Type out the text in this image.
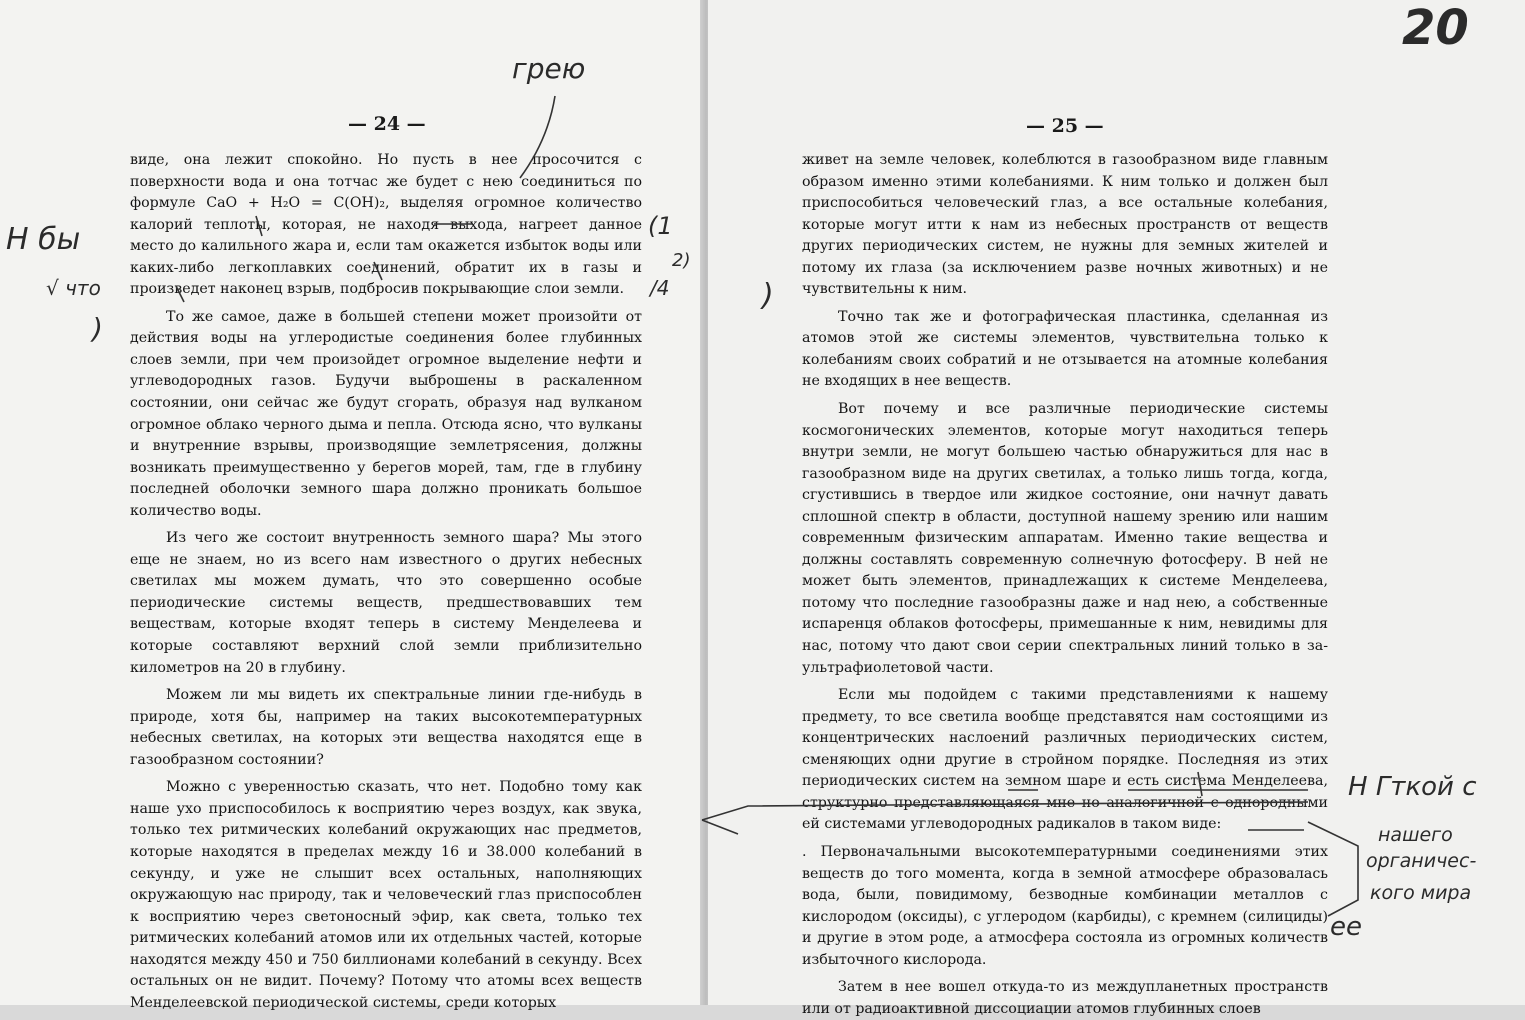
— 24 —

виде, она лежит спокойно. Но пусть в нее просочится с поверхности вода и она тотчас же будет с нею соединиться по формуле CaO + H₂O = C(OH)₂, выделяя огромное количество калорий теплоты, которая, не находя выхода, нагреет данное место до калильного жара и, если там окажется избыток воды или каких-либо легкоплавких соединений, обратит их в газы и произведет наконец взрыв, подбросив покрывающие слои земли.

То же самое, даже в большей степени может произойти от действия воды на углеродистые соединения более глубинных слоев земли, при чем произойдет огромное выделение нефти и углеводородных газов. Будучи выброшены в раскаленном состоянии, они сейчас же будут сгорать, образуя над вулканом огромное облако черного дыма и пепла. Отсюда ясно, что вулканы и внутренние взрывы, производящие землетрясения, должны возникать преимущественно у берегов морей, там, где в глубину последней оболочки земного шара должно проникать большое количество воды.

Из чего же состоит внутренность земного шара? Мы этого еще не знаем, но из всего нам известного о других небесных светилах мы можем думать, что это совершенно особые периодические системы веществ, предшествовавших тем веществам, которые входят теперь в систему Менделеева и которые составляют верхний слой земли приблизительно километров на 20 в глубину.

Можем ли мы видеть их спектральные линии где-нибудь в природе, хотя бы, например на таких высокотемпературных небесных светилах, на которых эти вещества находятся еще в газообразном состоянии?

Можно с уверенностью сказать, что нет. Подобно тому как наше ухо приспособилось к восприятию через воздух, как звука, только тех ритмических колебаний окружающих нас предметов, которые находятся в пределах между 16 и 38.000 колебаний в секунду, и уже не слышит всех остальных, наполняющих окружающую нас природу, так и человеческий глаз приспособлен к восприятию через светоносный эфир, как света, только тех ритмических колебаний атомов или их отдельных частей, которые находятся между 450 и 750 биллионами колебаний в секунду. Всех остальных он не видит. Почему? Потому что атомы всех веществ Менделеевской периодической системы, среди которых

грею
Н бы
√ что
)
(1
2)
/4
— 25 —
20

живет на земле человек, колеблются в газообразном виде главным образом именно этими колебаниями. К ним только и должен был приспособиться человеческий глаз, а все остальные колебания, которые могут итти к нам из небесных пространств от веществ других периодических систем, не нужны для земных жителей и потому их глаза (за исключением разве ночных животных) и не чувствительны к ним.

Точно так же и фотографическая пластинка, сделанная из атомов этой же системы элементов, чувствительна только к колебаниям своих собратий и не отзывается на атомные колебания не входящих в нее веществ.

Вот почему и все различные периодические системы космогонических элементов, которые могут находиться теперь внутри земли, не могут большею частью обнаружиться для нас в газообразном виде на других светилах, а только лишь тогда, когда, сгустившись в твердое или жидкое состояние, они начнут давать сплошной спектр в области, доступной нашему зрению или нашим современным физическим аппаратам. Именно такие вещества и должны составлять современную солнечную фотосферу. В ней не может быть элементов, принадлежащих к системе Менделеева, потому что последние газообразны даже и над нею, а собственные испаренця облаков фотосферы, примешанные к ним, невидимы для нас, потому что дают свои серии спектральных линий только в за-ультрафиолетовой части.

Если мы подойдем с такими представлениями к нашему предмету, то все светила вообще представятся нам состоящими из концентрических наслоений различных периодических систем, сменяющих одни другие в стройном порядке. Последняя из этих периодических систем на земном шаре и есть система Менделеева, структурно представляющаяся мне но аналогичной с однородными ей системами углеводородных радикалов в таком виде:

. Первоначальными высокотемпературными соединениями этих веществ до того момента, когда в земной атмосфере образовалась вода, были, повидимому, безводные комбинации металлов с кислородом (оксиды), с углеродом (карбиды), с кремнем (силициды) и другие в этом роде, а атмосфера состояла из огромных количеств избыточного кислорода.

Затем в нее вошел откуда-то из междупланетных пространств или от радиоактивной диссоциации атомов глубинных слоев

)
Н Гткой с
нашего
органичес-
кого мира
ее
